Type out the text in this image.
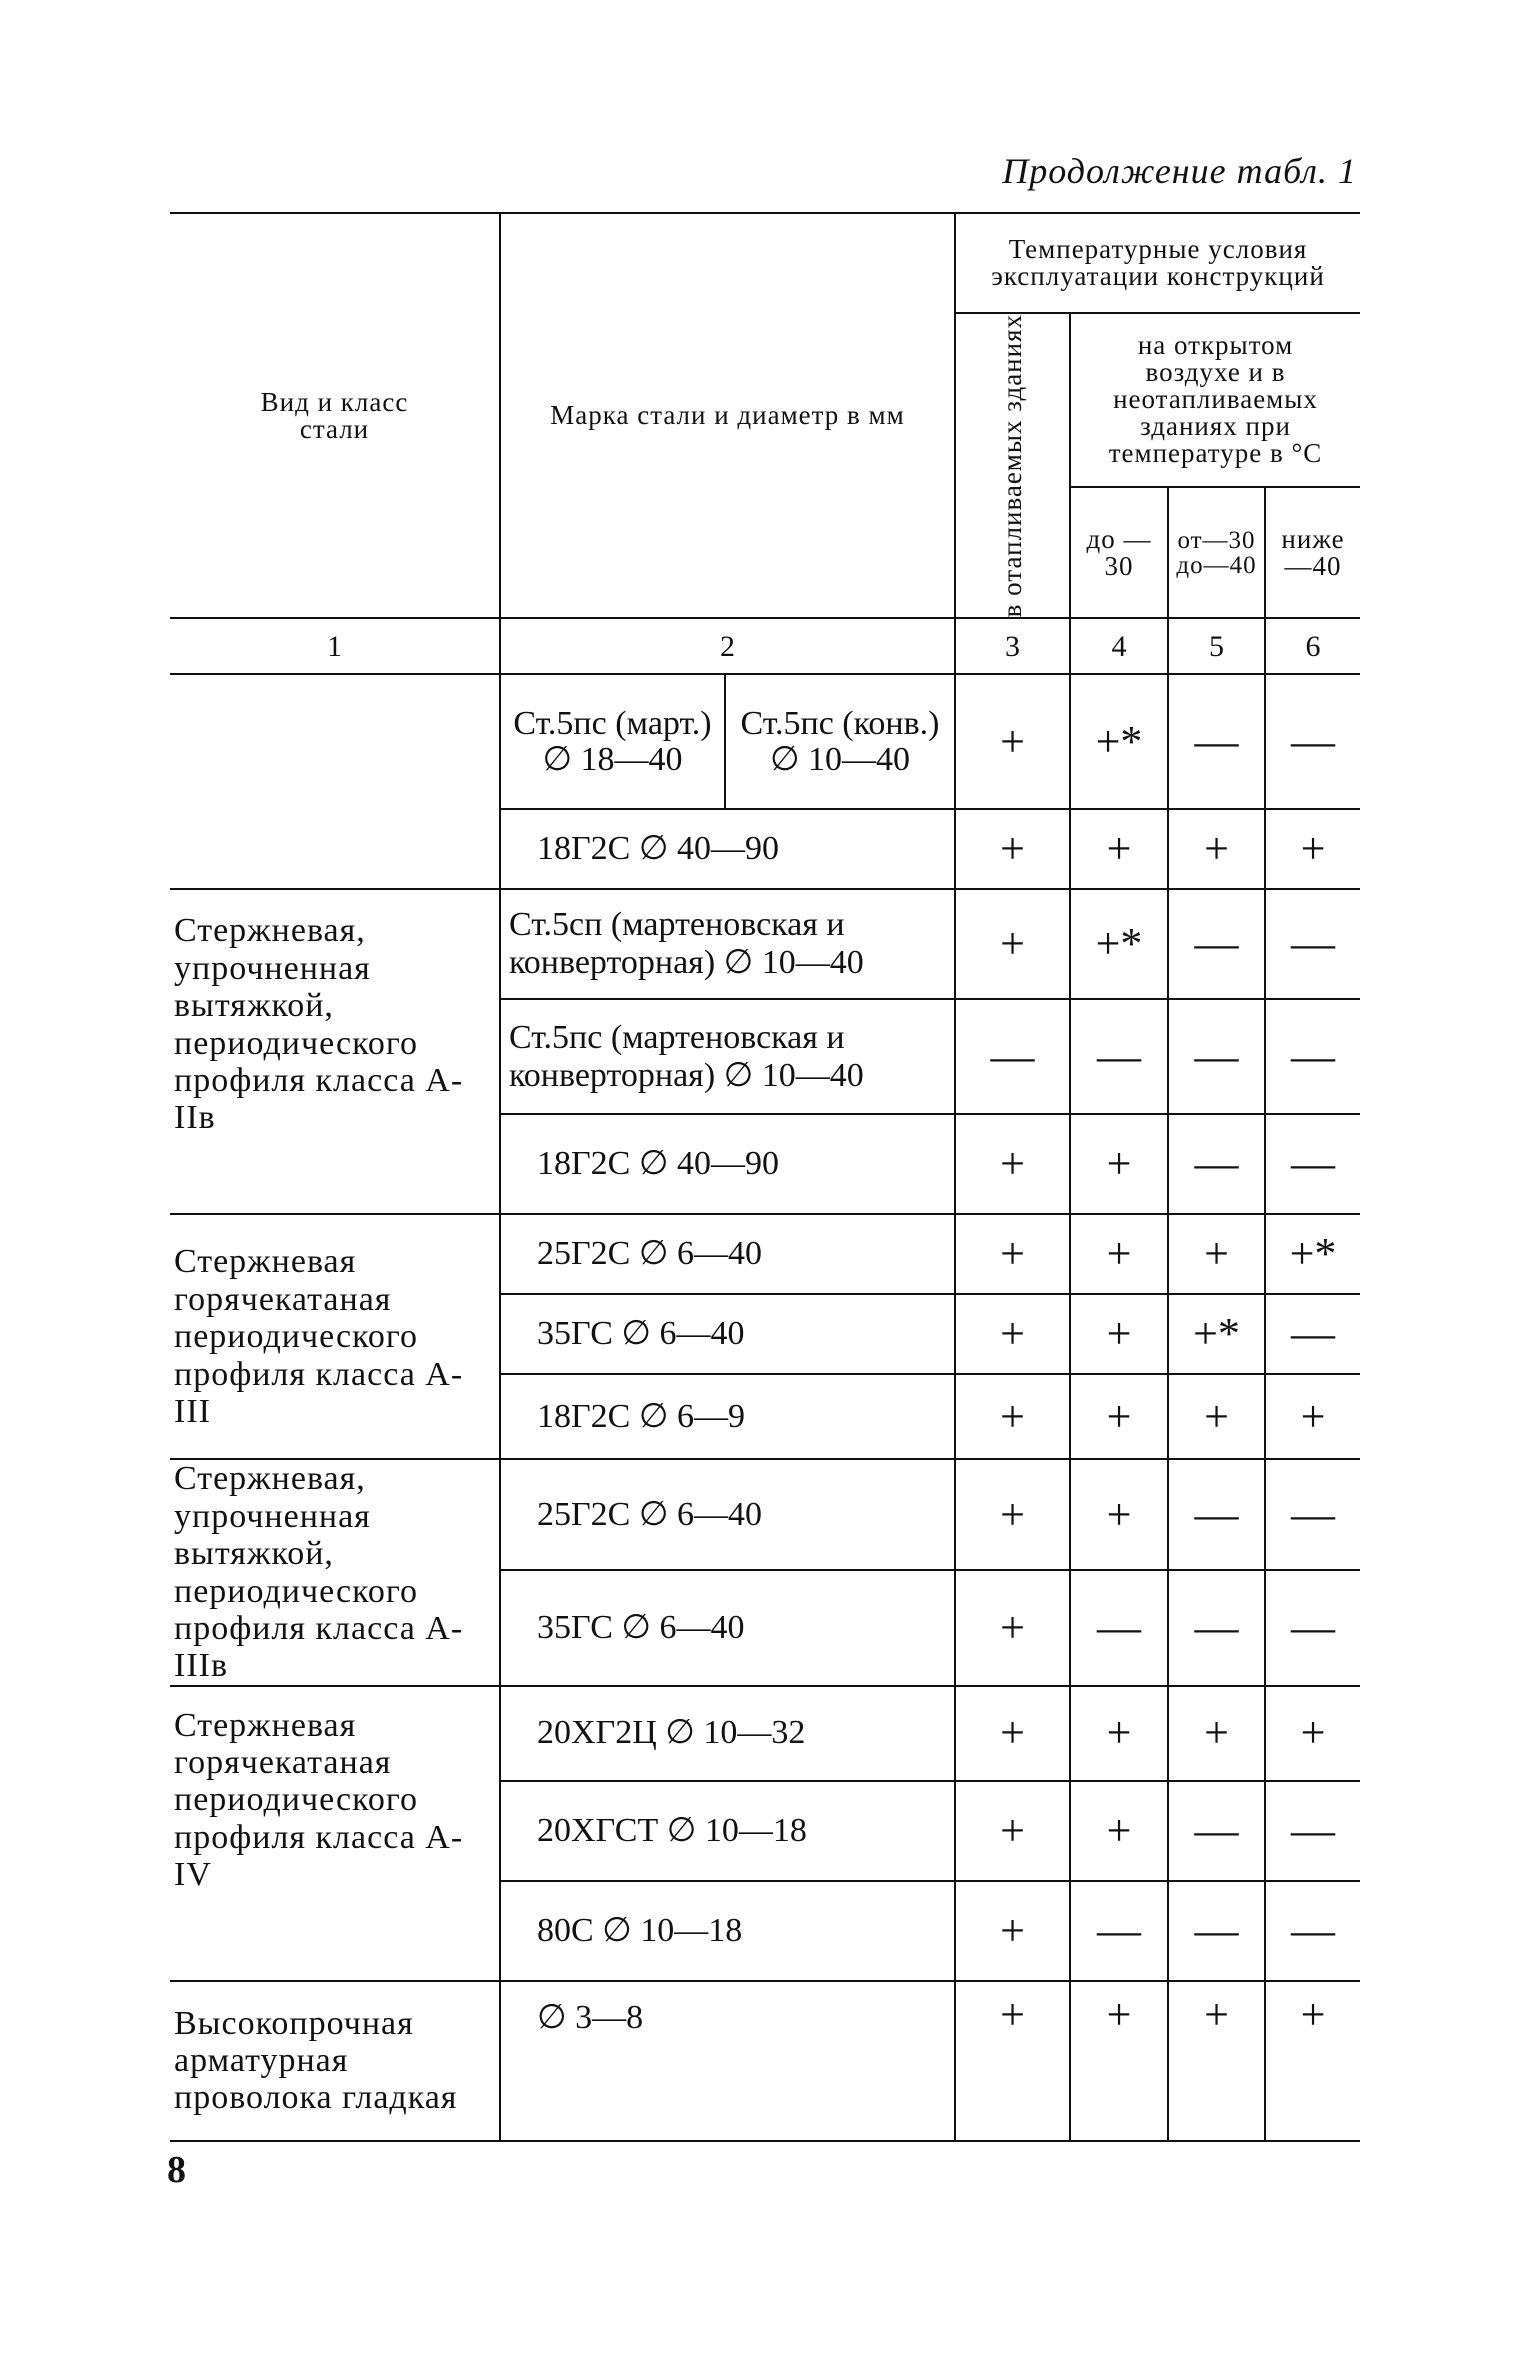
Продолжение табл. 1
Вид и класс стали	Марка стали и диаметр в мм		Температурные условия эксплуатации конструкций			

			в отапливаемых зданиях	на открытом воздухе и в неотапливаемых зданиях при температуре в °С		
				до —30	от—30 до—40	ниже —40
1	2		3	4	5	6
	Ст.5пс (март.) ∅ 18—40	Ст.5пс (конв.) ∅ 10—40	+	+*	—	—
	18Г2С ∅ 40—90		+	+	+	+
Стержневая, упрочненная вытяжкой, периодического профиля класса А-IIв	Ст.5сп (мартеновская и конверторная) ∅ 10—40		+	+*	—	—
	Ст.5пс (мартеновская и конверторная) ∅ 10—40		—	—	—	—
	18Г2С ∅ 40—90		+	+	—	—
Стержневая горячекатаная периодического профиля класса А-III	25Г2С ∅ 6—40		+	+	+	+*
	35ГС ∅ 6—40		+	+	+*	—
	18Г2С ∅ 6—9		+	+	+	+
Стержневая, упрочненная вытяжкой, периодического профиля класса А-IIIв	25Г2С ∅ 6—40		+	+	—	—
	35ГС ∅ 6—40		+	—	—	—
Стержневая горячекатаная периодического профиля класса А-IV	20ХГ2Ц ∅ 10—32		+	+	+	+
	20ХГСТ ∅ 10—18		+	+	—	—
	80С ∅ 10—18		+	—	—	—
Высокопрочная арматурная проволока гладкая	∅ 3—8		+	+	+	+
8
